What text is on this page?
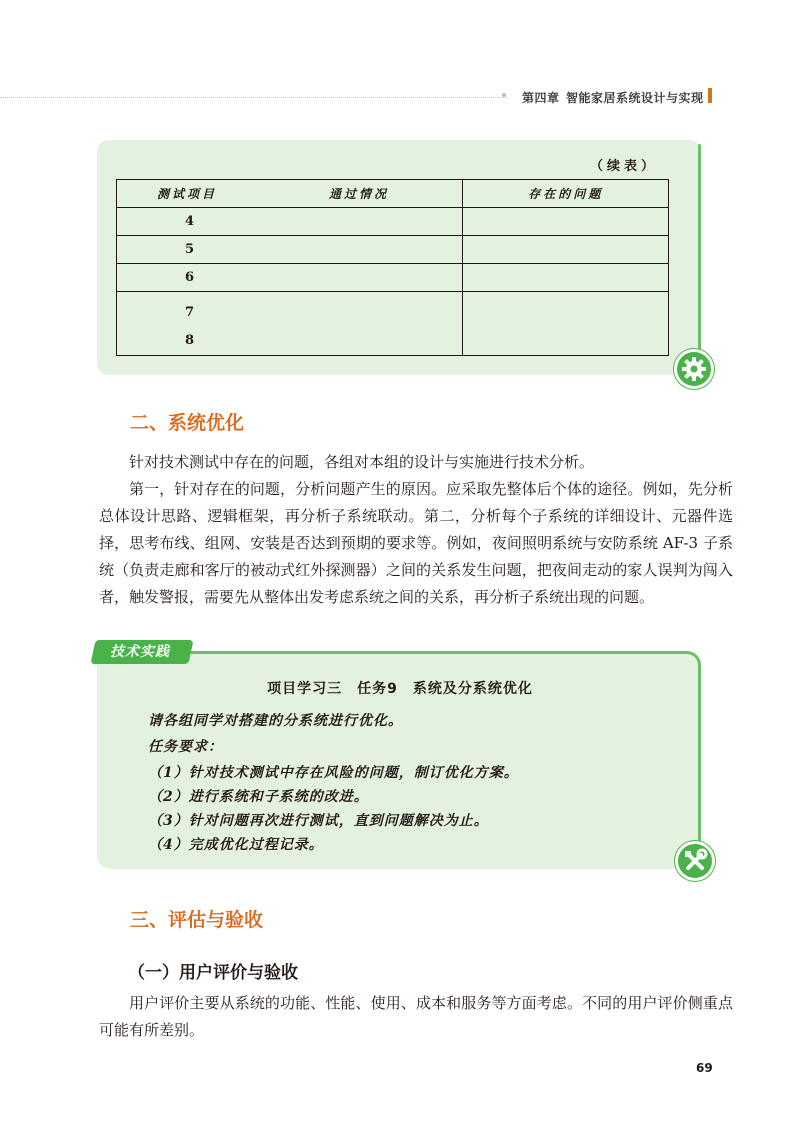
第四章 智能家居系统设计与实现
（续表）
测试项目 通过情况	存在的问题
4	
5	
6	
7
8	
二、系统优化
针对技术测试中存在的问题，各组对本组的设计与实施进行技术分析。
第一，针对存在的问题，分析问题产生的原因。应采取先整体后个体的途径。例如，先分析总体设计思路、逻辑框架，再分析子系统联动。第二，分析每个子系统的详细设计、元器件选择，思考布线、组网、安装是否达到预期的要求等。例如，夜间照明系统与安防系统 AF-3 子系统（负责走廊和客厅的被动式红外探测器）之间的关系发生问题，把夜间走动的家人误判为闯入者，触发警报，需要先从整体出发考虑系统之间的关系，再分析子系统出现的问题。
技术实践
项目学习三　任务9　系统及分系统优化
请各组同学对搭建的分系统进行优化。
任务要求：
（1）针对技术测试中存在风险的问题，制订优化方案。
（2）进行系统和子系统的改进。
（3）针对问题再次进行测试，直到问题解决为止。
（4）完成优化过程记录。
三、评估与验收
（一）用户评价与验收
用户评价主要从系统的功能、性能、使用、成本和服务等方面考虑。不同的用户评价侧重点可能有所差别。
69
